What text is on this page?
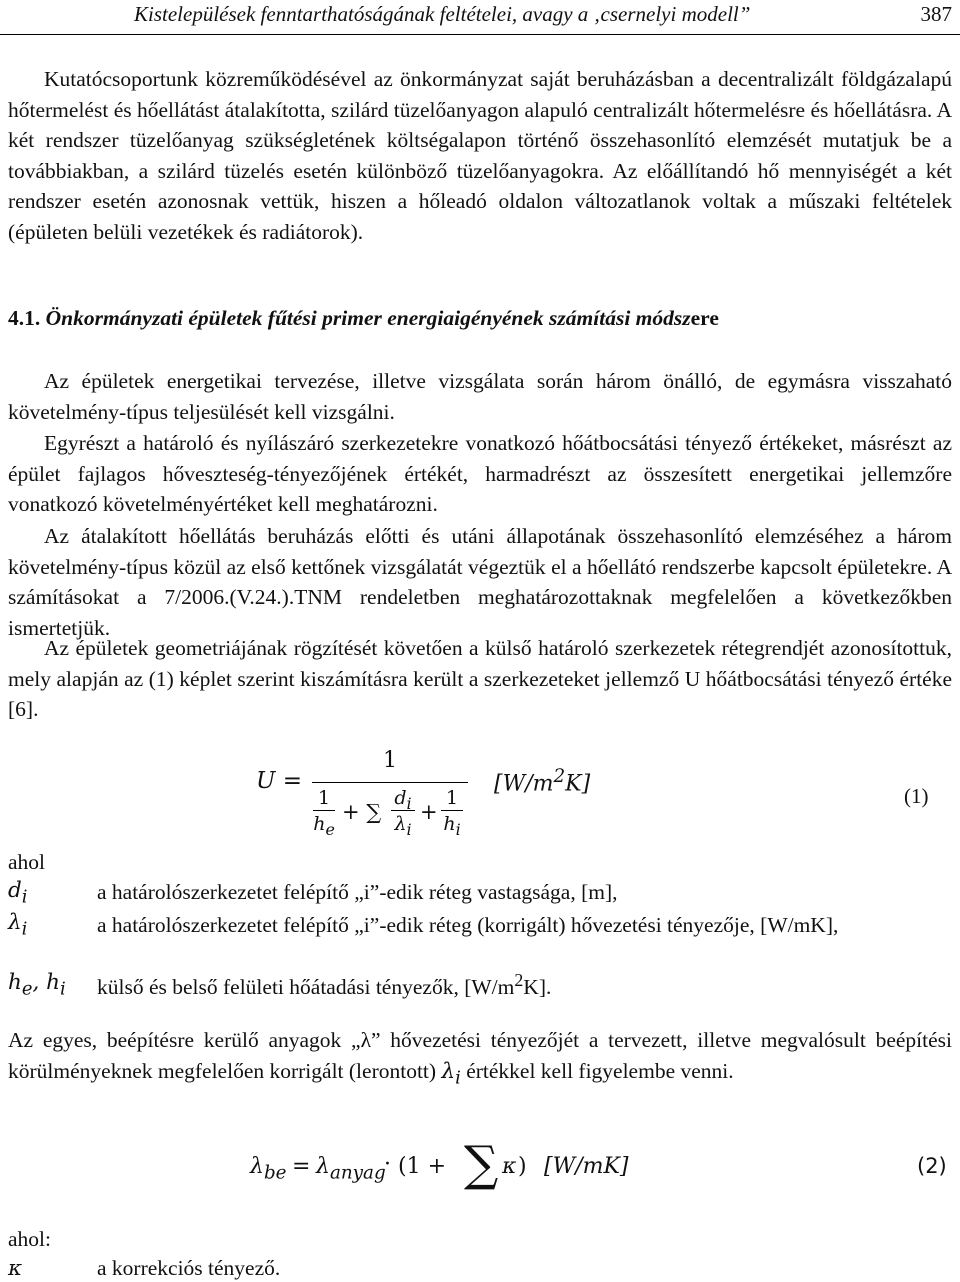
Kistelepülések fenntarthatóságának feltételei, avagy a ‚csernelyi modell”	387

Kutatócsoportunk közreműködésével az önkormányzat saját beruházásban a decentralizált földgázalapú hőtermelést és hőellátást átalakította, szilárd tüzelőanyagon alapuló centralizált hőtermelésre és hőellátásra. A két rendszer tüzelőanyag szükségletének költségalapon történő összehasonlító elemzését mutatjuk be a továbbiakban, a szilárd tüzelés esetén különböző tüzelőanyagokra. Az előállítandó hő mennyiségét a két rendszer esetén azonosnak vettük, hiszen a hőleadó oldalon változatlanok voltak a műszaki feltételek (épületen belüli vezetékek és radiátorok).

4.1. Önkormányzati épületek fűtési primer energiaigényének számítási módszere

Az épületek energetikai tervezése, illetve vizsgálata során három önálló, de egymásra visszaható követelmény-típus teljesülését kell vizsgálni.

Egyrészt a határoló és nyílászáró szerkezetekre vonatkozó hőátbocsátási tényező értékeket, másrészt az épület fajlagos hőveszteség-tényezőjének értékét, harmadrészt az összesített energetikai jellemzőre vonatkozó követelményértéket kell meghatározni.

Az átalakított hőellátás beruházás előtti és utáni állapotának összehasonlító elemzéséhez a három követelmény-típus közül az első kettőnek vizsgálatát végeztük el a hőellátó rendszerbe kapcsolt épületekre. A számításokat a 7/2006.(V.24.).TNM rendeletben meghatározottaknak megfelelően a következőkben ismertetjük.

Az épületek geometriájának rögzítését követően a külső határoló szerkezetek rétegrendjét azonosítottuk, mely alapján az (1) képlet szerint kiszámításra került a szerkezeteket jellemző U hőátbocsátási tényező értéke [6].

U =
1
1
$h_e$
+ ∑
$d_i$
$\lambda_i$
+
1
$h_i$
$[W/m^2K]$	(1)
ahol
$d_i$	a határolószerkezetet felépítő „i”-edik réteg vastagsága, [m],
$\lambda_i$	a határolószerkezetet felépítő „i”-edik réteg (korrigált) hővezetési tényezője, [W/mK],
$h_e$, $h_i$ külső és belső felületi hőátadási tényezők, $[W/m^2K]$.

Az egyes, beépítésre kerülő anyagok „λ” hővezetési tényezőjét a tervezett, illetve megvalósult beépítési körülményeknek megfelelően korrigált (lerontott) $\lambda_i$ értékkel kell figyelembe venni.

$\lambda_{be} = \lambda_{anyag}$
· (1 + ∑ κ ) [W/mK]	(2)
ahol:
κ	a korrekciós tényező.
